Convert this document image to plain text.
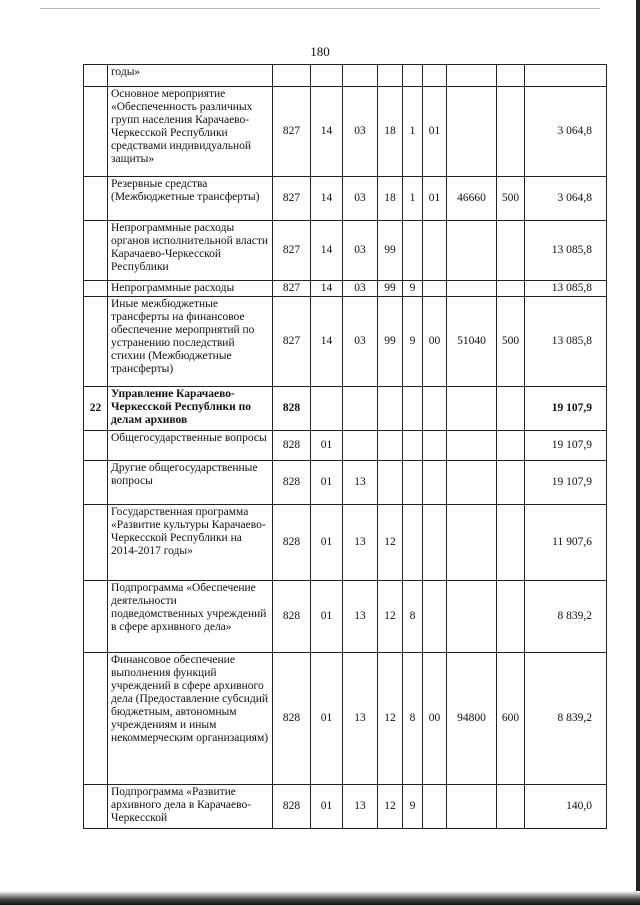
180
	годы»									
	Основное мероприятие «Обеспеченность различных групп населения Карачаево-Черкесской Республики средствами индивидуальной защиты»	827	14	03	18	1	01			3 064,8
	Резервные средства (Межбюджетные трансферты)	827	14	03	18	1	01	46660	500	3 064,8
	Непрограммные расходы органов исполнительной власти Карачаево-Черкесской Республики	827	14	03	99					13 085,8
	Непрограммные расходы	827	14	03	99	9				13 085,8
	Иные межбюджетные трансферты на финансовое обеспечение мероприятий по устранению последствий стихии (Межбюджетные трансферты)	827	14	03	99	9	00	51040	500	13 085,8
22	Управление Карачаево-Черкесской Республики по делам архивов	828								19 107,9
	Общегосударственные вопросы	828	01							19 107,9
	Другие общегосударственные вопросы	828	01	13						19 107,9
	Государственная программа «Развитие культуры Карачаево-Черкесской Республики на 2014-2017 годы»	828	01	13	12					11 907,6
	Подпрограмма «Обеспечение деятельности подведомственных учреждений в сфере архивного дела»	828	01	13	12	8				8 839,2
	Финансовое обеспечение выполнения функций учреждений в сфере архивного дела (Предоставление субсидий бюджетным, автономным учреждениям и иным некоммерческим организациям)	828	01	13	12	8	00	94800	600	8 839,2
	Подпрограмма «Развитие архивного дела в Карачаево-Черкесской	828	01	13	12	9				140,0
